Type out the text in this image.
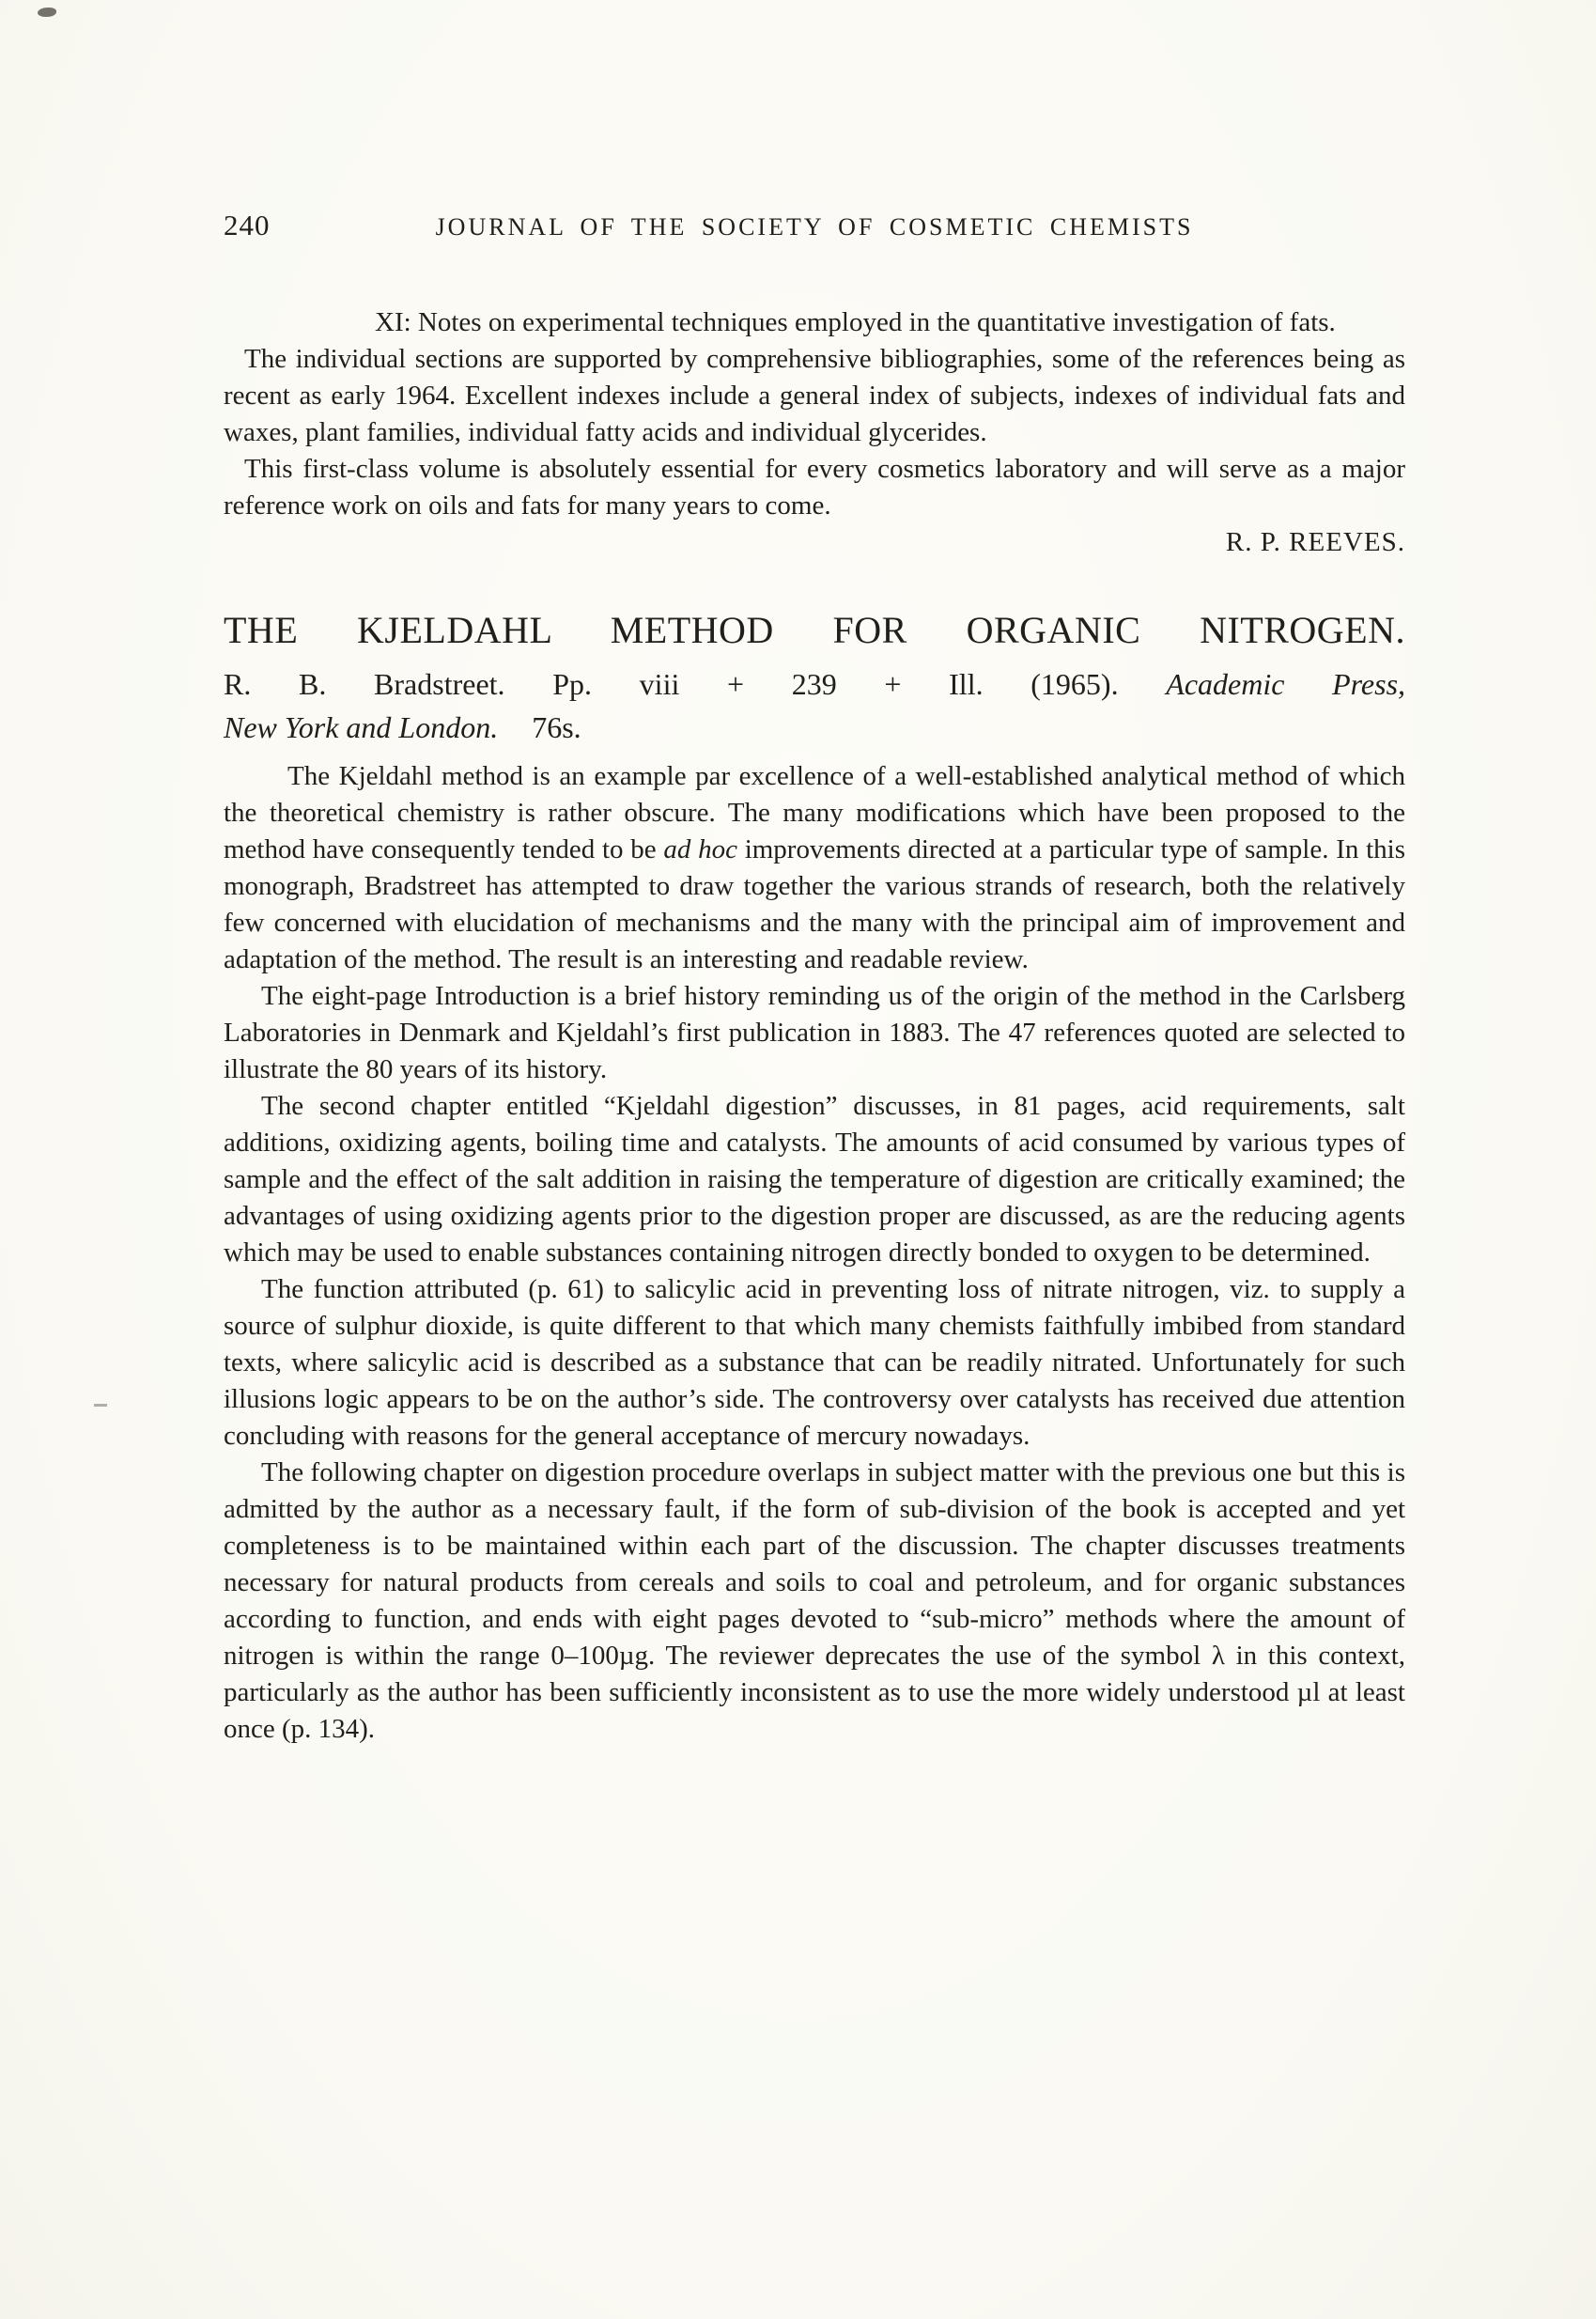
240	JOURNAL OF THE SOCIETY OF COSMETIC CHEMISTS

XI: Notes on experimental techniques employed in the quantitative investigation of fats.

The individual sections are supported by comprehensive bibliographies, some of the references being as recent as early 1964. Excellent indexes include a general index of subjects, indexes of individual fats and waxes, plant families, individual fatty acids and individual glycerides.

This first-class volume is absolutely essential for every cosmetics laboratory and will serve as a major reference work on oils and fats for many years to come.

R. P. REEVES.

THE KJELDAHL METHOD FOR ORGANIC NITROGEN.
R. B. Bradstreet. Pp. viii + 239 + Ill. (1965). Academic Press,
New York and London. 76s.

The Kjeldahl method is an example par excellence of a well-established analytical method of which the theoretical chemistry is rather obscure. The many modifications which have been proposed to the method have consequently tended to be ad hoc improvements directed at a particular type of sample. In this monograph, Bradstreet has attempted to draw together the various strands of research, both the relatively few concerned with elucidation of mechanisms and the many with the principal aim of improvement and adaptation of the method. The result is an interesting and readable review.

The eight-page Introduction is a brief history reminding us of the origin of the method in the Carlsberg Laboratories in Denmark and Kjeldahl’s first publication in 1883. The 47 references quoted are selected to illustrate the 80 years of its history.

The second chapter entitled “Kjeldahl digestion” discusses, in 81 pages, acid requirements, salt additions, oxidizing agents, boiling time and catalysts. The amounts of acid consumed by various types of sample and the effect of the salt addition in raising the temperature of digestion are critically examined; the advantages of using oxidizing agents prior to the digestion proper are discussed, as are the reducing agents which may be used to enable substances containing nitrogen directly bonded to oxygen to be determined.

The function attributed (p. 61) to salicylic acid in preventing loss of nitrate nitrogen, viz. to supply a source of sulphur dioxide, is quite different to that which many chemists faithfully imbibed from standard texts, where salicylic acid is described as a substance that can be readily nitrated. Unfortunately for such illusions logic appears to be on the author’s side. The controversy over catalysts has received due attention concluding with reasons for the general acceptance of mercury nowadays.

The following chapter on digestion procedure overlaps in subject matter with the previous one but this is admitted by the author as a necessary fault, if the form of sub-division of the book is accepted and yet completeness is to be maintained within each part of the discussion. The chapter discusses treatments necessary for natural products from cereals and soils to coal and petroleum, and for organic substances according to function, and ends with eight pages devoted to “sub-micro” methods where the amount of nitrogen is within the range 0–100µg. The reviewer deprecates the use of the symbol λ in this context, particularly as the author has been sufficiently inconsistent as to use the more widely understood µl at least once (p. 134).
